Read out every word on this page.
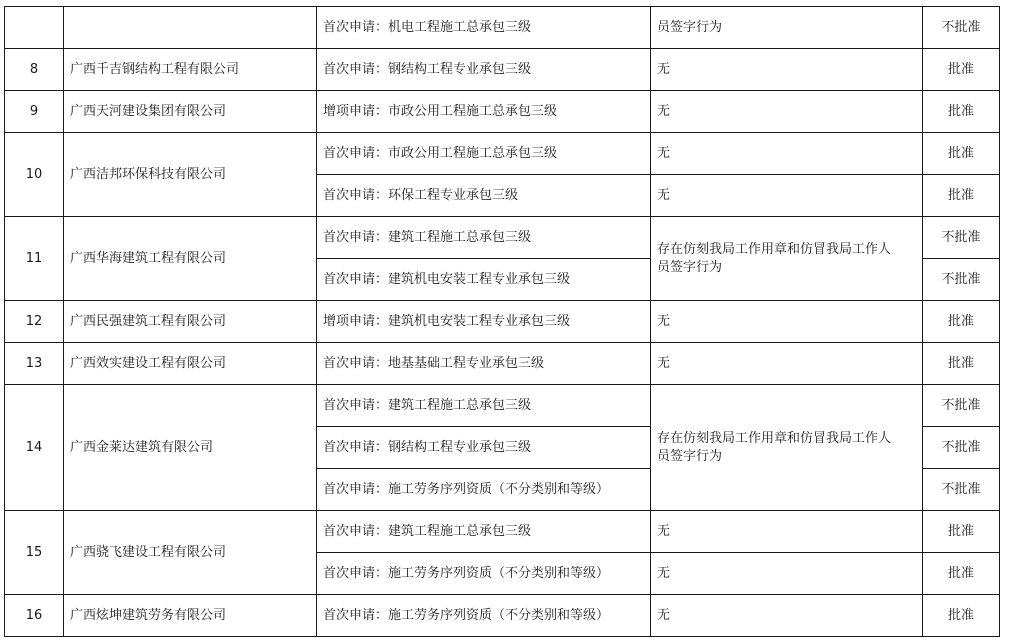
		首次申请：机电工程施工总承包三级	员签字行为	不批准
8	广西千吉钢结构工程有限公司	首次申请：钢结构工程专业承包三级	无	批准
9	广西天河建设集团有限公司	增项申请：市政公用工程施工总承包三级	无	批准
10	广西洁邦环保科技有限公司	首次申请：市政公用工程施工总承包三级	无	批准
		首次申请：环保工程专业承包三级	无	批准
11	广西华海建筑工程有限公司	首次申请：建筑工程施工总承包三级	存在仿刻我局工作用章和仿冒我局工作人
员签字行为	不批准
		首次申请：建筑机电安装工程专业承包三级		不批准
12	广西民强建筑工程有限公司	增项申请：建筑机电安装工程专业承包三级	无	批准
13	广西效实建设工程有限公司	首次申请：地基基础工程专业承包三级	无	批准
14	广西金莱达建筑有限公司	首次申请：建筑工程施工总承包三级	存在仿刻我局工作用章和仿冒我局工作人
员签字行为	不批准
		首次申请：钢结构工程专业承包三级		不批准
		首次申请：施工劳务序列资质（不分类别和等级）		不批准
15	广西骁飞建设工程有限公司	首次申请：建筑工程施工总承包三级	无	批准
		首次申请：施工劳务序列资质（不分类别和等级）	无	批准
16	广西炫坤建筑劳务有限公司	首次申请：施工劳务序列资质（不分类别和等级）	无	批准
